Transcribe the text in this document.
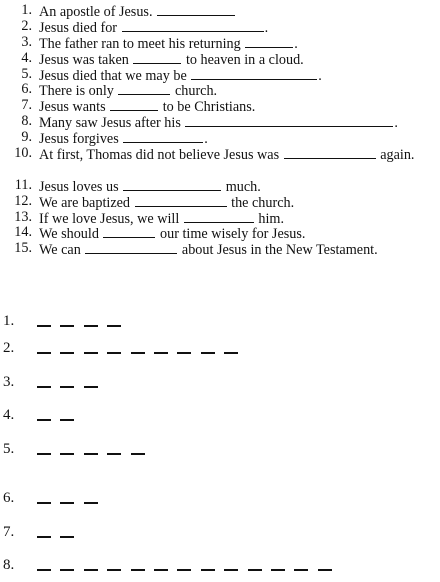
1. An apostle of Jesus.
2. Jesus died for	.
3. The father ran to meet his returning	.
4. Jesus was taken	to heaven in a cloud.
5. Jesus died that we may be	.
6. There is only	church.
7. Jesus wants	to be Christians.
8. Many saw Jesus after his	.
9. Jesus forgives	.
10. At first, Thomas did not believe Jesus was	again.
11. Jesus loves us	much.
12. We are baptized	the church.
13. If we love Jesus, we will	him.
14. We should	our time wisely for Jesus.
15. We can	about Jesus in the New Testament.
1.
2.
3.
4.
5.
6.
7.
8.
